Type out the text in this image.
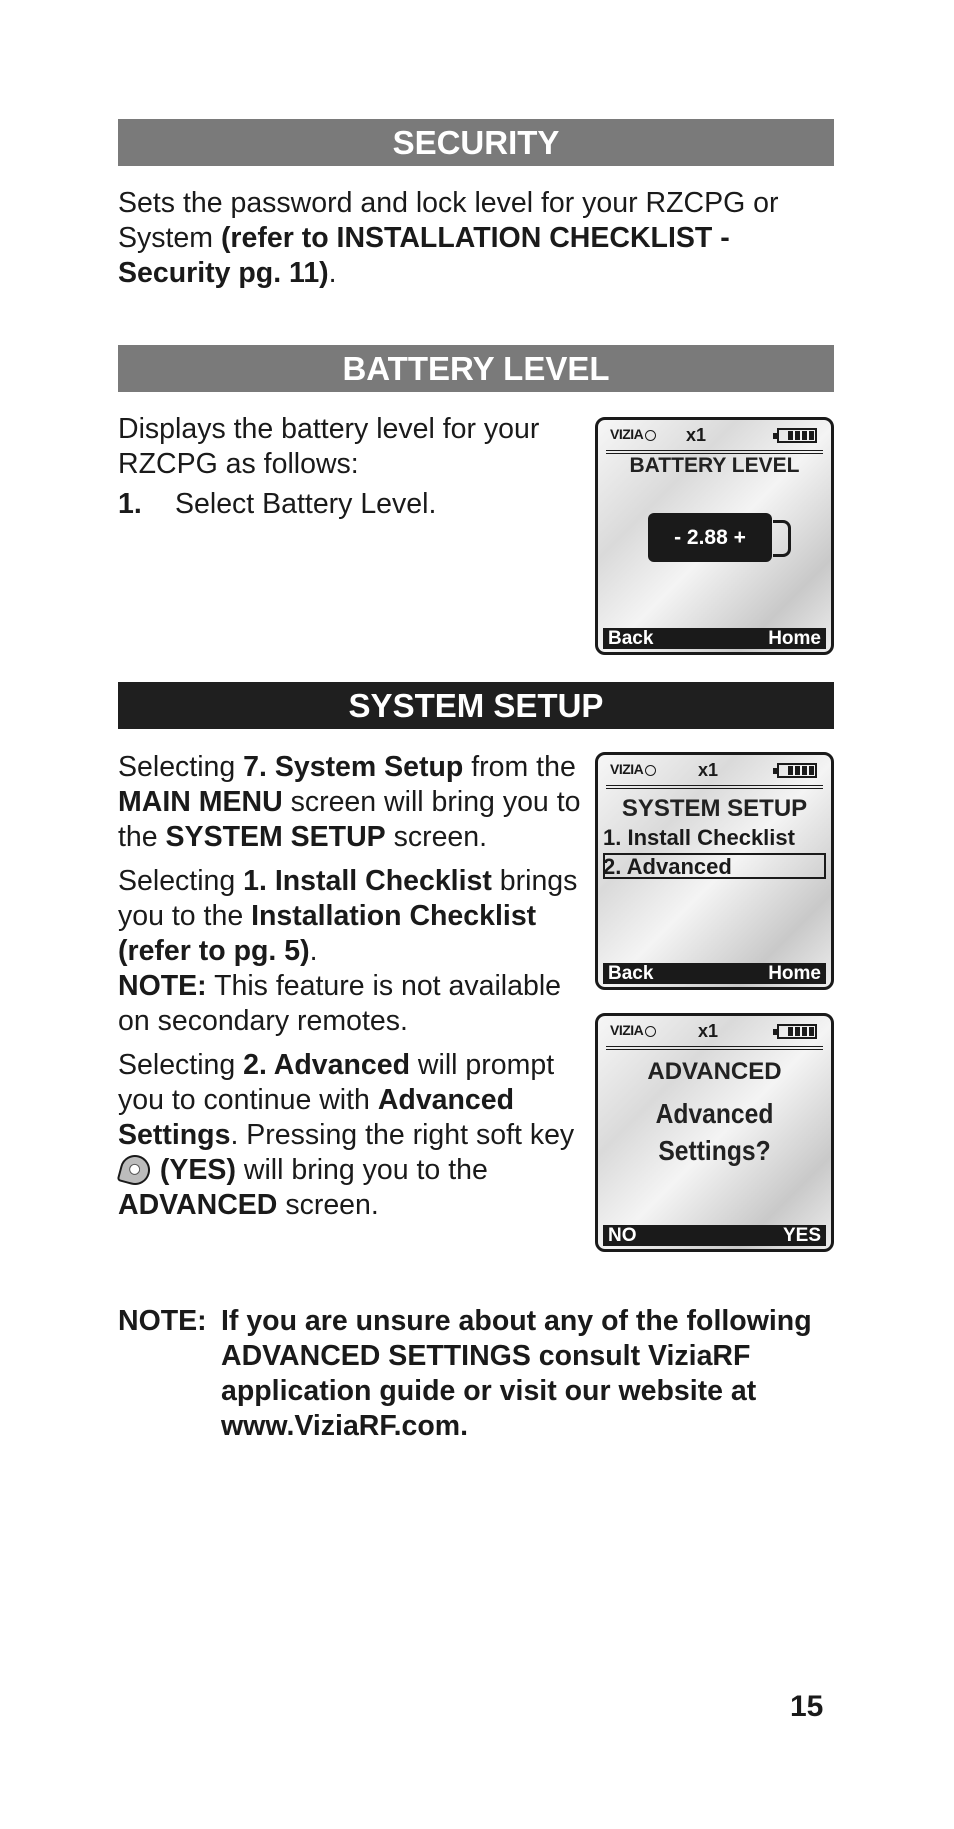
SECURITY
Sets the password and lock level for your RZCPG or System (refer to INSTALLATION CHECKLIST - Security pg. 11).
BATTERY LEVEL

Displays the battery level for your RZCPG as follows:

1. Select Battery Level.
VIZIA	x1
BATTERY LEVEL
- 2.88 +
Back	Home
SYSTEM SETUP

Selecting 7. System Setup from the MAIN MENU screen will bring you to the SYSTEM SETUP screen.

Selecting 1. Install Checklist brings you to the Installation Checklist (refer to pg. 5).

NOTE: This feature is not available on secondary remotes.

Selecting 2. Advanced will prompt you to continue with Advanced Settings. Pressing the right soft key  (YES) will bring you to the ADVANCED screen.

VIZIA	x1
SYSTEM SETUP
1. Install Checklist
2. Advanced
Back	Home
VIZIA	x1
ADVANCED
Advanced
Settings?
NO	YES
NOTE: If you are unsure about any of the following ADVANCED SETTINGS consult ViziaRF application guide or visit our website at www.ViziaRF.com.
15
